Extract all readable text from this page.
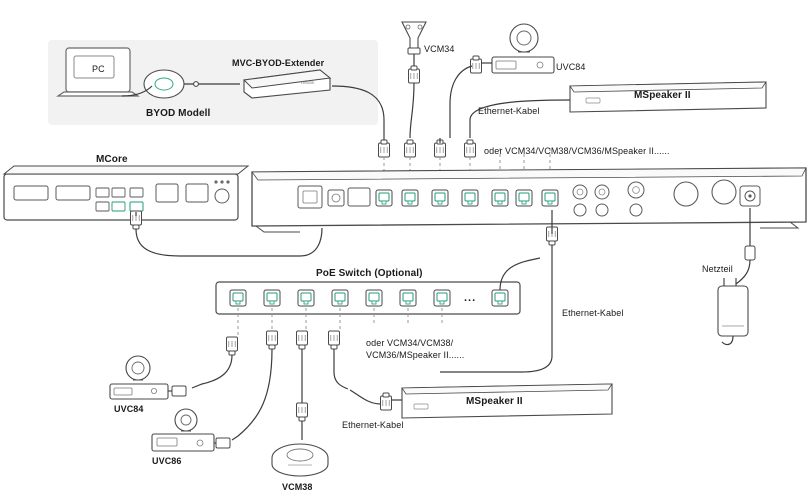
Yealink
PC
MVC-BYOD-Extender
BYOD Modell
VCM34
UVC84
MSpeaker II
Ethernet-Kabel
oder VCM34/VCM38/VCM36/MSpeaker II......
MCore
PoE Switch (Optional)
...
oder VCM34/VCM38/
VCM36/MSpeaker II......
Ethernet-Kabel
Ethernet-Kabel
MSpeaker II
UVC84
UVC86
VCM38
Netzteil
